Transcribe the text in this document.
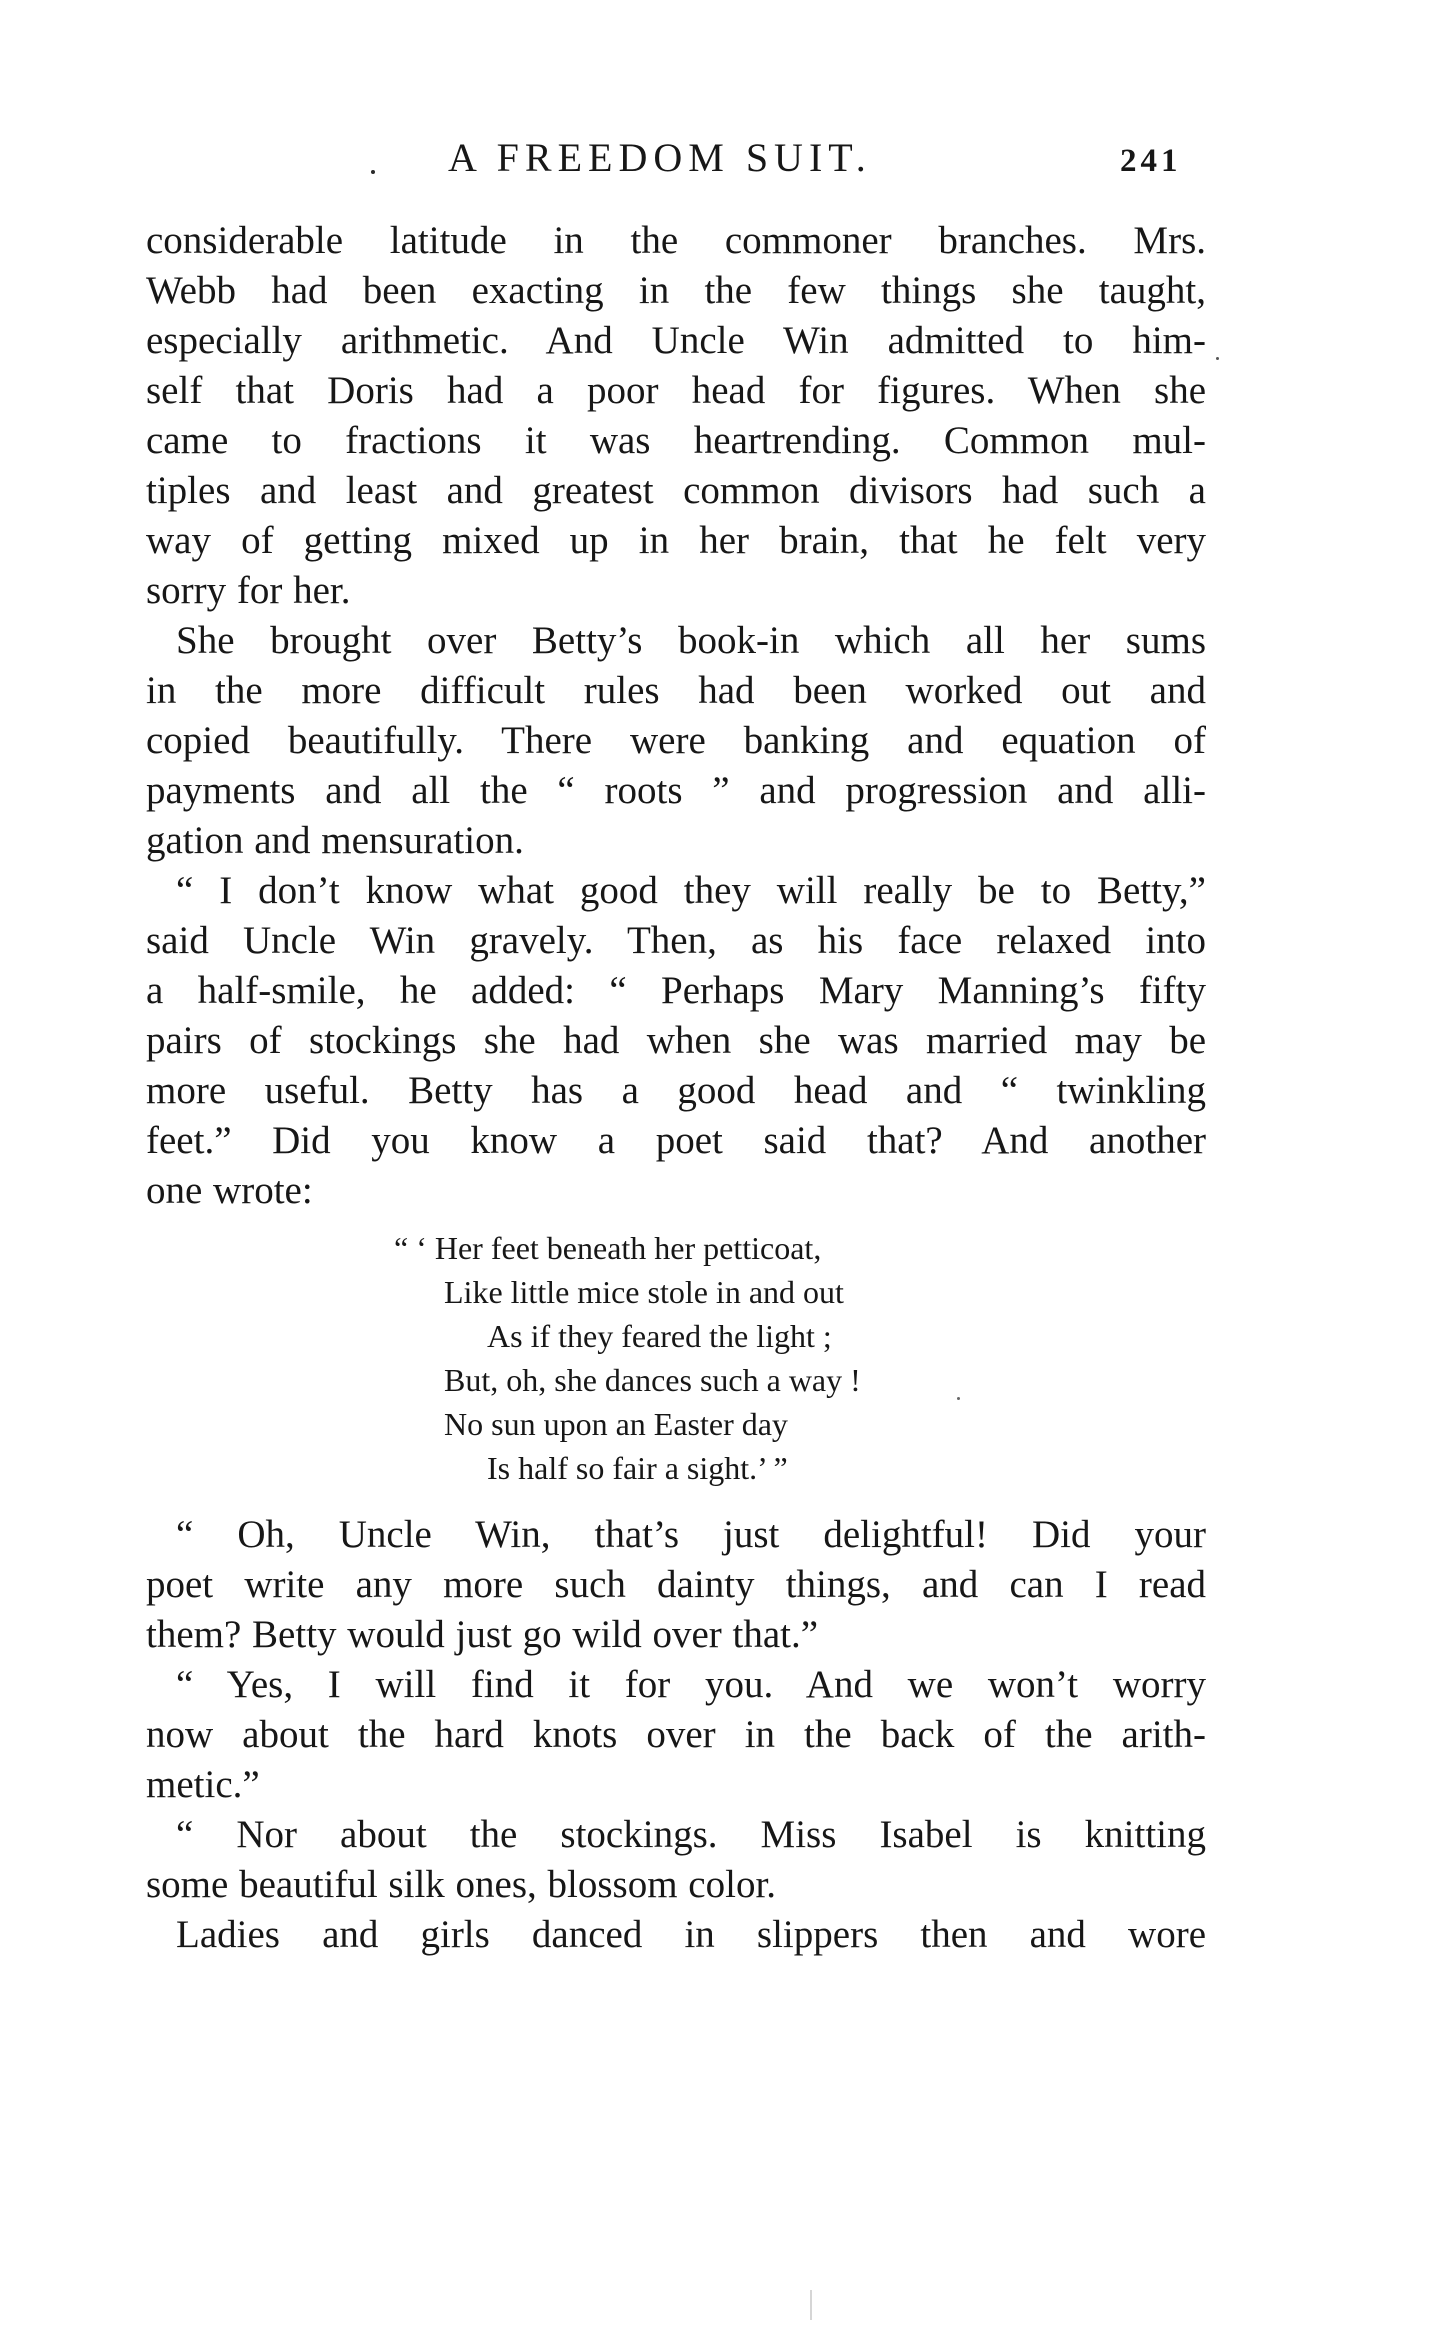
A FREEDOM SUIT.	241
considerable latitude in the commoner branches. Mrs.
Webb had been exacting in the few things she taught,
especially arithmetic. And Uncle Win admitted to him-
self that Doris had a poor head for figures. When she
came to fractions it was heartrending. Common mul-
tiples and least and greatest common divisors had such a
way of getting mixed up in her brain, that he felt very
sorry for her.
She brought over Betty’s book-in which all her sums
in the more difficult rules had been worked out and
copied beautifully. There were banking and equation of
payments and all the “ roots ” and progression and alli-
gation and mensuration.
“ I don’t know what good they will really be to Betty,”
said Uncle Win gravely. Then, as his face relaxed into
a half-smile, he added: “ Perhaps Mary Manning’s fifty
pairs of stockings she had when she was married may be
more useful. Betty has a good head and “ twinkling
feet.” Did you know a poet said that? And another
one wrote:
“ ‘ Her feet beneath her petticoat,
Like little mice stole in and out
As if they feared the light ;
But, oh, she dances such a way !
No sun upon an Easter day
Is half so fair a sight.’ ”
“ Oh, Uncle Win, that’s just delightful! Did your
poet write any more such dainty things, and can I read
them? Betty would just go wild over that.”
“ Yes, I will find it for you. And we won’t worry
now about the hard knots over in the back of the arith-
metic.”
“ Nor about the stockings. Miss Isabel is knitting
some beautiful silk ones, blossom color.
Ladies and girls danced in slippers then and wore
